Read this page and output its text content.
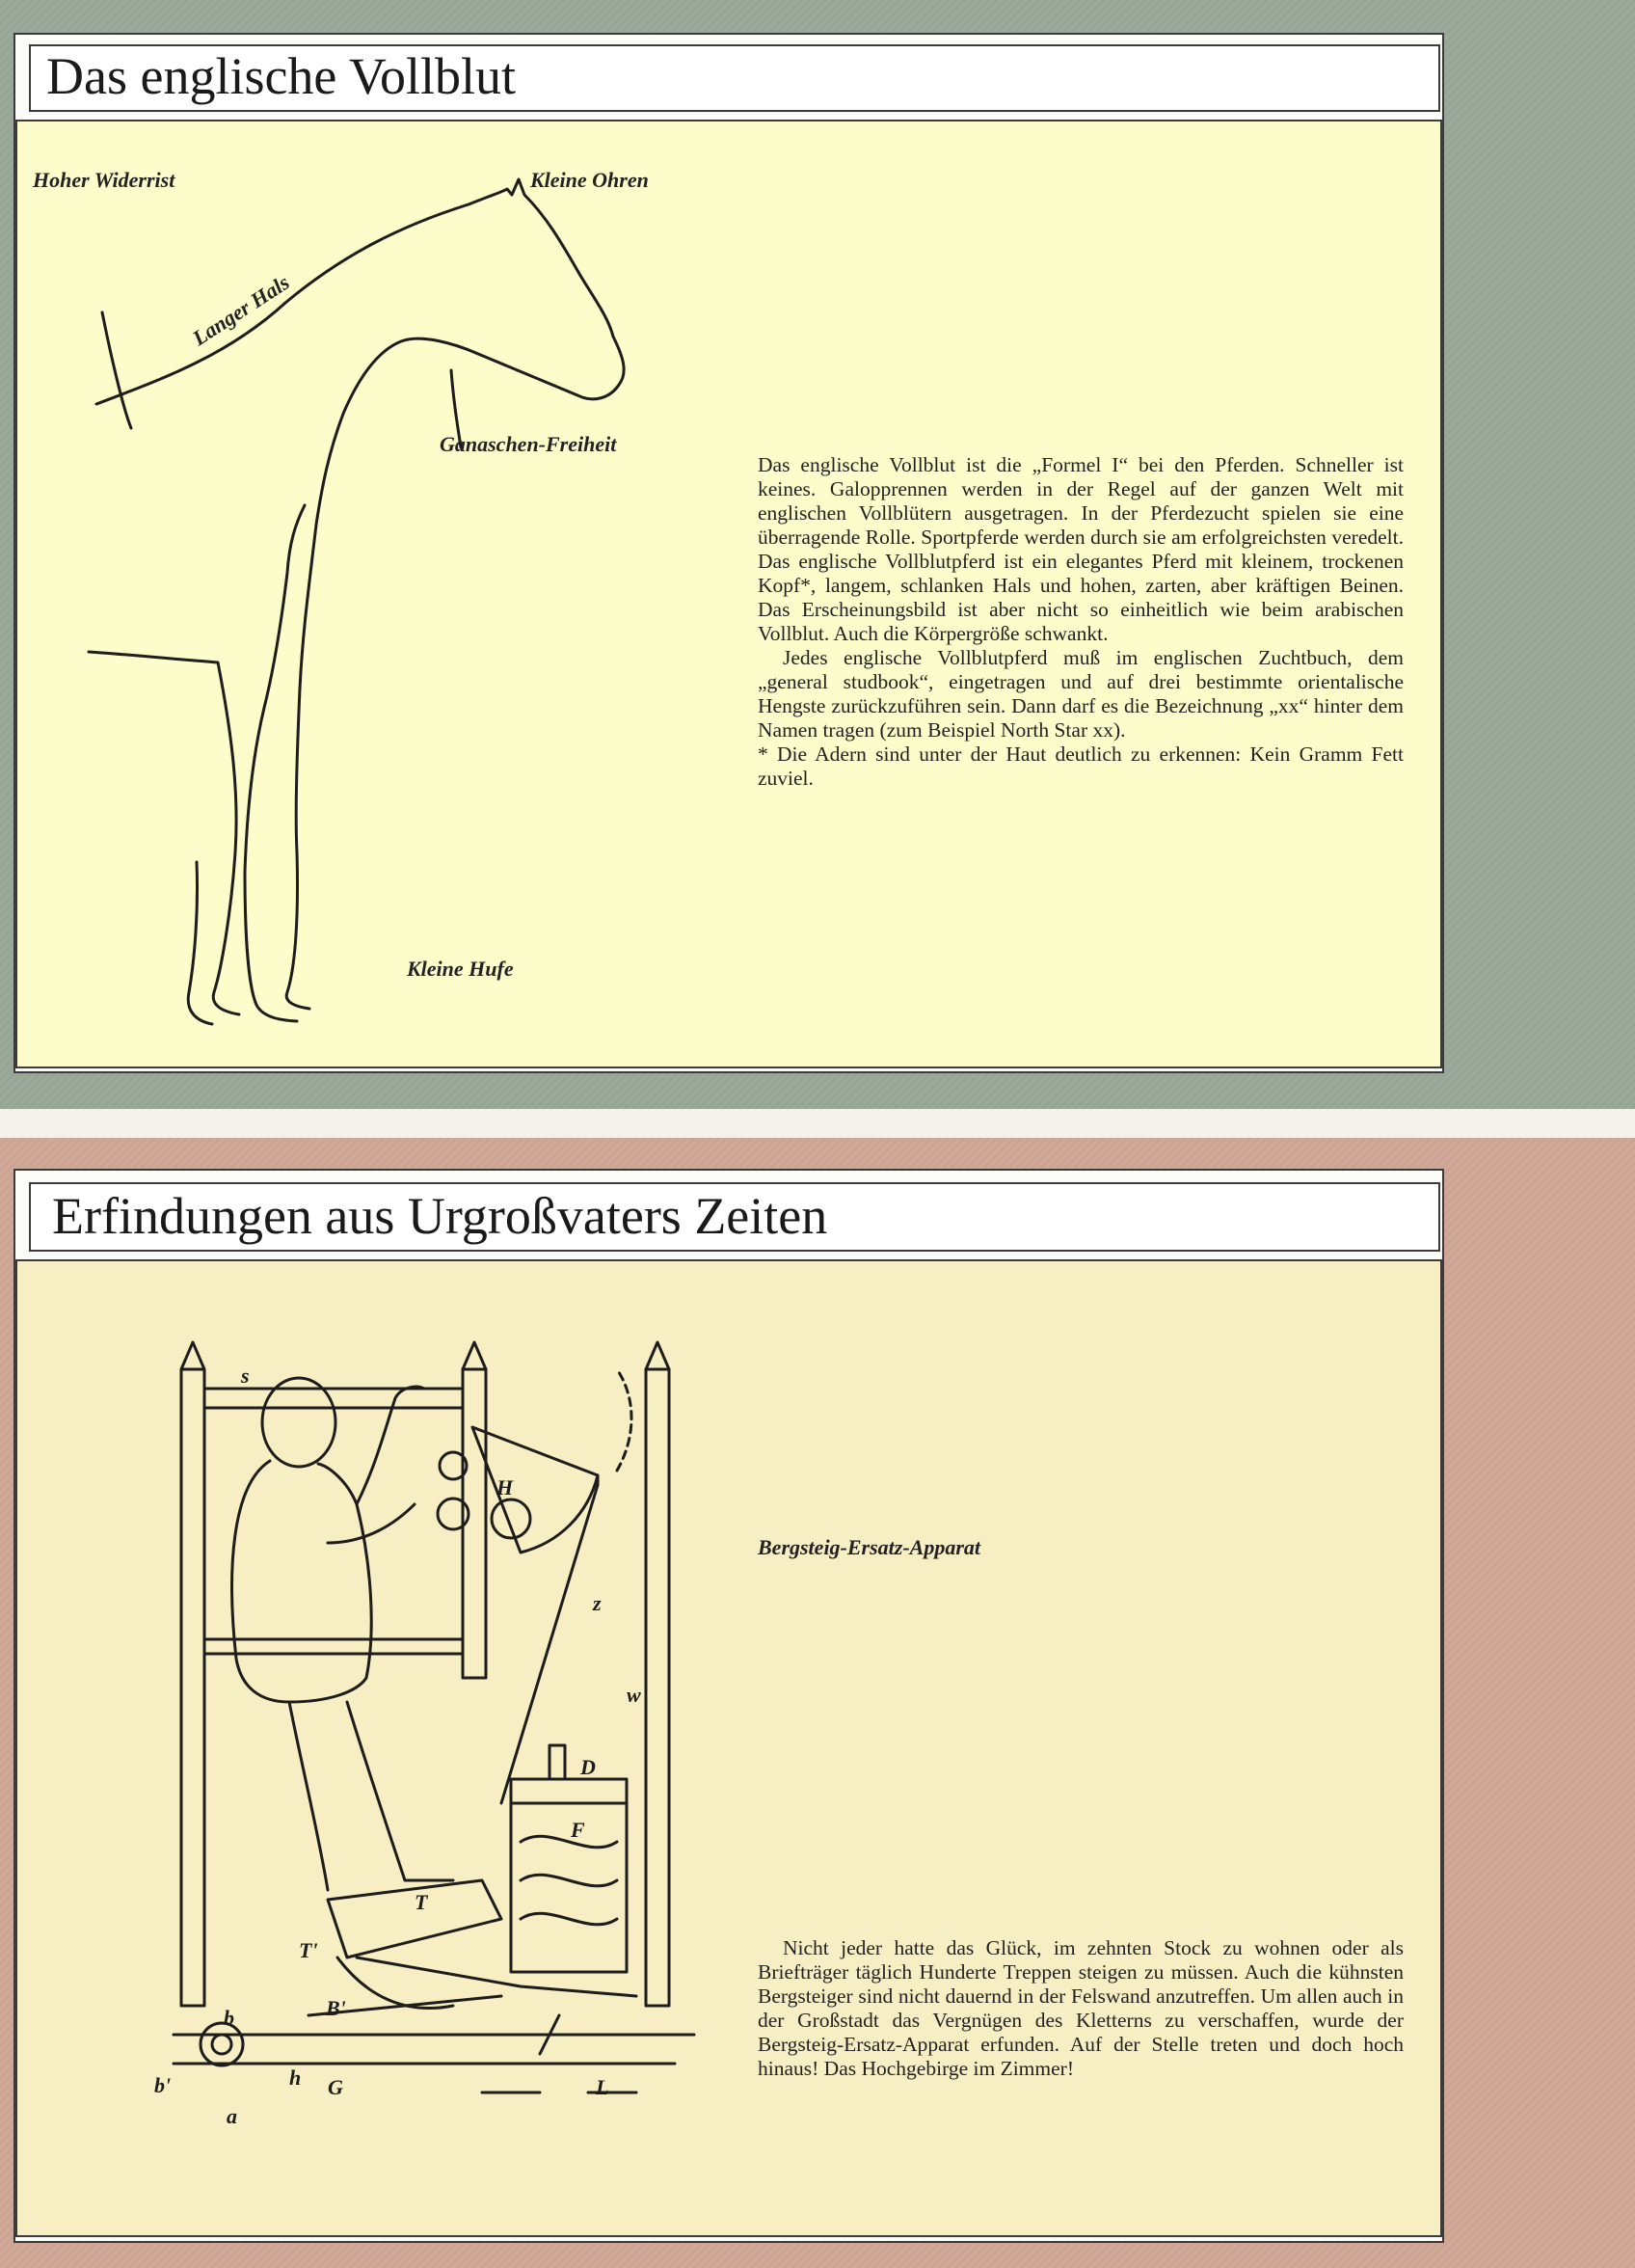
Das englische Vollblut
Langer Hals
Hoher Widerrist	Kleine Ohren
Ganaschen-Freiheit
Kleine Hufe

Das englische Vollblut ist die „Formel I“ bei den Pferden. Schneller ist keines. Galopprennen werden in der Regel auf der ganzen Welt mit englischen Vollblütern ausgetragen. In der Pferdezucht spielen sie eine überragende Rolle. Sportpferde werden durch sie am erfolgreichsten veredelt. Das englische Vollblutpferd ist ein elegantes Pferd mit kleinem, trockenen Kopf*, langem, schlanken Hals und hohen, zarten, aber kräftigen Beinen. Das Erscheinungsbild ist aber nicht so einheitlich wie beim arabischen Vollblut. Auch die Körpergröße schwankt.

Jedes englische Vollblutpferd muß im englischen Zuchtbuch, dem „general studbook“, eingetragen und auf drei bestimmte orientalische Hengste zurückzuführen sein. Dann darf es die Bezeichnung „xx“ hinter dem Namen tragen (zum Beispiel North Star xx).

* Die Adern sind unter der Haut deutlich zu erkennen: Kein Gramm Fett zuviel.

Erfindungen aus Urgroßvaters Zeiten
s
H
z
w
D
F
T
T'
b
b'
B'
h G	L
a
Bergsteig-Ersatz-Apparat

Nicht jeder hatte das Glück, im zehnten Stock zu wohnen oder als Briefträger täglich Hunderte Treppen steigen zu müssen. Auch die kühnsten Bergsteiger sind nicht dauernd in der Felswand anzutreffen. Um allen auch in der Großstadt das Vergnügen des Kletterns zu verschaffen, wurde der Bergsteig-Ersatz-Apparat erfunden. Auf der Stelle treten und doch hoch hinaus! Das Hochgebirge im Zimmer!
